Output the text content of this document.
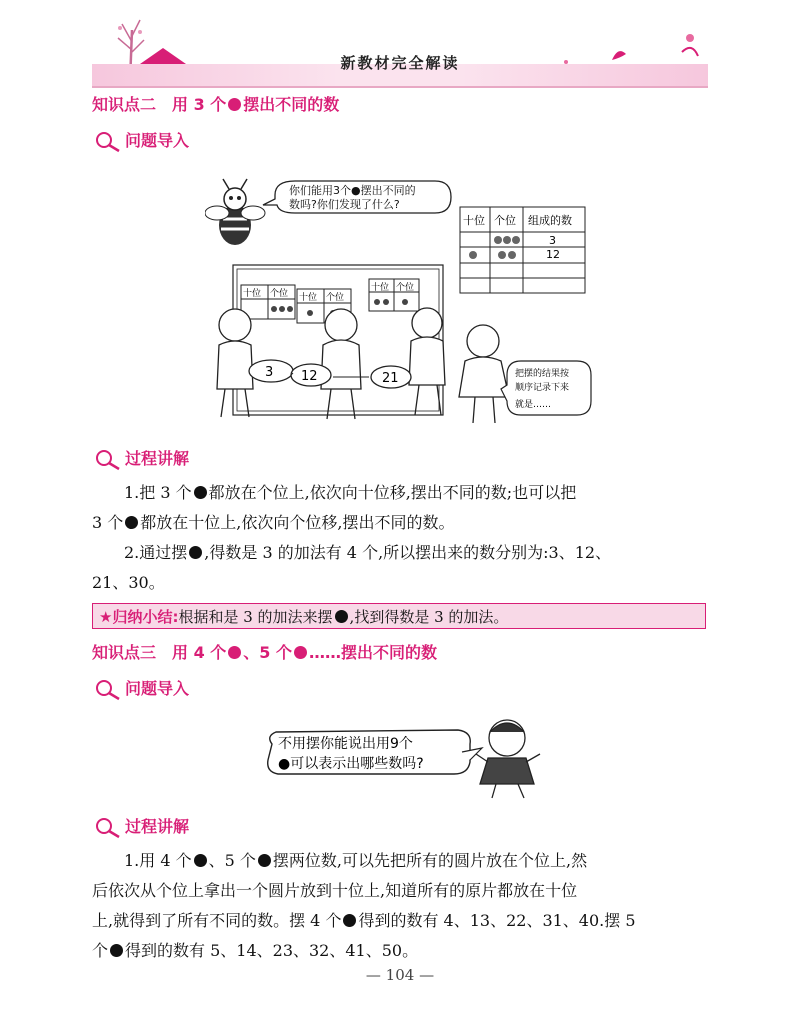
新教材完全解读
知识点二　用 3 个 摆出不同的数
问题导入
你们能用3个●摆出不同的
数吗?你们发现了什么?
十位 个位 组成的数
3
12
十位 个位 十位 个位
十位 个位
3 12	21	把摆的结果按
顺序记录下来
就是……
过程讲解
1.把 3 个 都放在个位上,依次向十位移,摆出不同的数;也可以把
3 个 都放在十位上,依次向个位移,摆出不同的数。
2.通过摆 ,得数是 3 的加法有 4 个,所以摆出来的数分别为:3、12、
21、30。
★归纳小结:根据和是 3 的加法来摆 ,找到得数是 3 的加法。
知识点三　用 4 个 、5 个 ……摆出不同的数
问题导入
不用摆你能说出用9个
●可以表示出哪些数吗?
过程讲解
1.用 4 个 、5 个 摆两位数,可以先把所有的圆片放在个位上,然
后依次从个位上拿出一个圆片放到十位上,知道所有的原片都放在十位
上,就得到了所有不同的数。摆 4 个 得到的数有 4、13、22、31、40.摆 5
个 得到的数有 5、14、23、32、41、50。
— 104 —
